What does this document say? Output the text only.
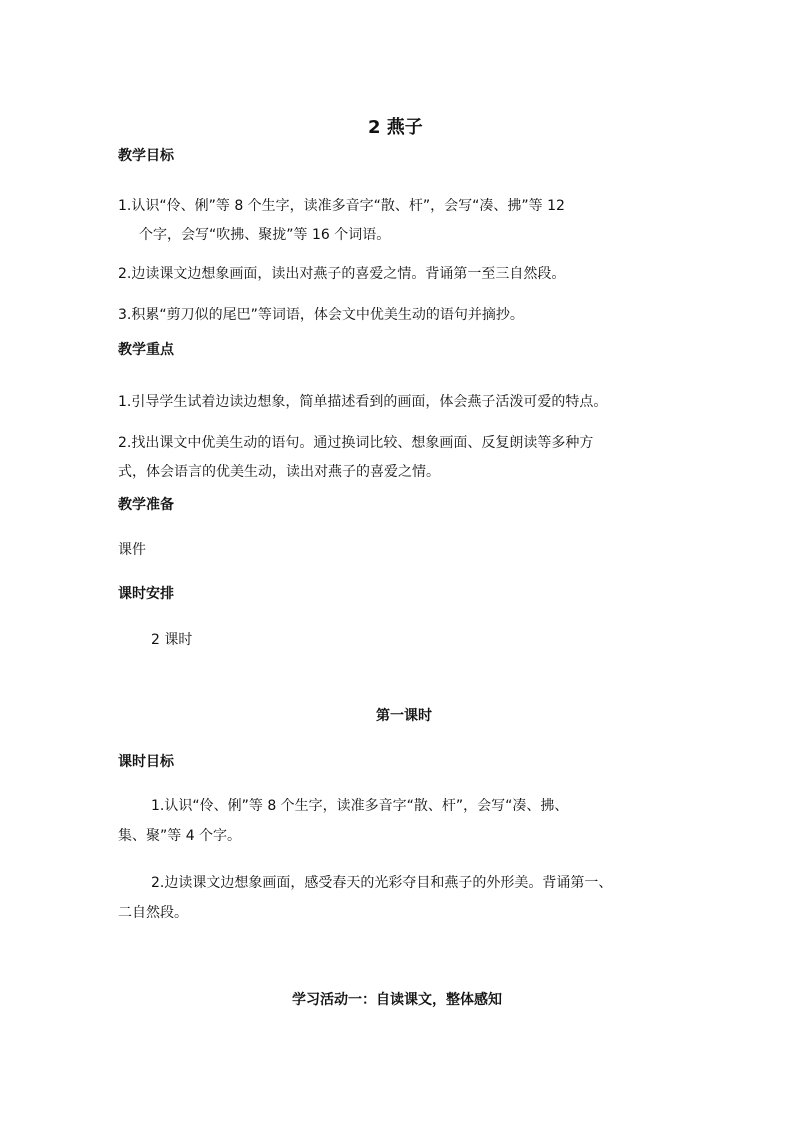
2 燕子
教学目标
1.认识“伶、俐”等 8 个生字，读准多音字“散、杆”，会写“凑、拂”等 12
个字，会写“吹拂、聚拢”等 16 个词语。
2.边读课文边想象画面，读出对燕子的喜爱之情。背诵第一至三自然段。
3.积累“剪刀似的尾巴”等词语，体会文中优美生动的语句并摘抄。
教学重点
1.引导学生试着边读边想象，简单描述看到的画面，体会燕子活泼可爱的特点。
2.找出课文中优美生动的语句。通过换词比较、想象画面、反复朗读等多种方
式，体会语言的优美生动，读出对燕子的喜爱之情。
教学准备
课件
课时安排
2 课时
第一课时
课时目标
1.认识“伶、俐”等 8 个生字，读准多音字“散、杆”，会写“凑、拂、
集、聚”等 4 个字。
2.边读课文边想象画面，感受春天的光彩夺目和燕子的外形美。背诵第一、
二自然段。
学习活动一：自读课文，整体感知
